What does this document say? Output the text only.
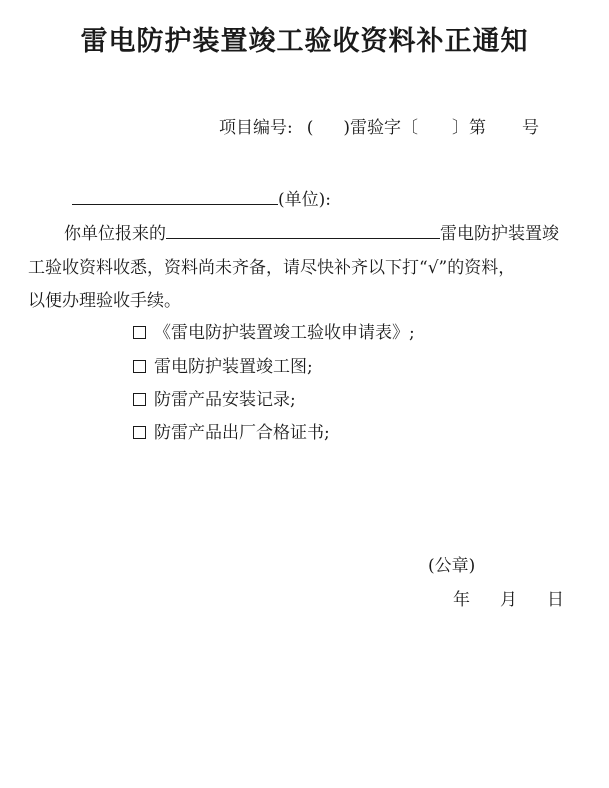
雷电防护装置竣工验收资料补正通知
项目编号: ( )雷验字〔 〕第 号
(单位):
你单位报来的	雷电防护装置竣
工验收资料收悉，资料尚未齐备，请尽快补齐以下打“√”的资料，
以便办理验收手续。
《雷电防护装置竣工验收申请表》;
雷电防护装置竣工图;
防雷产品安装记录;
防雷产品出厂合格证书;
(公章)
年 月 日
